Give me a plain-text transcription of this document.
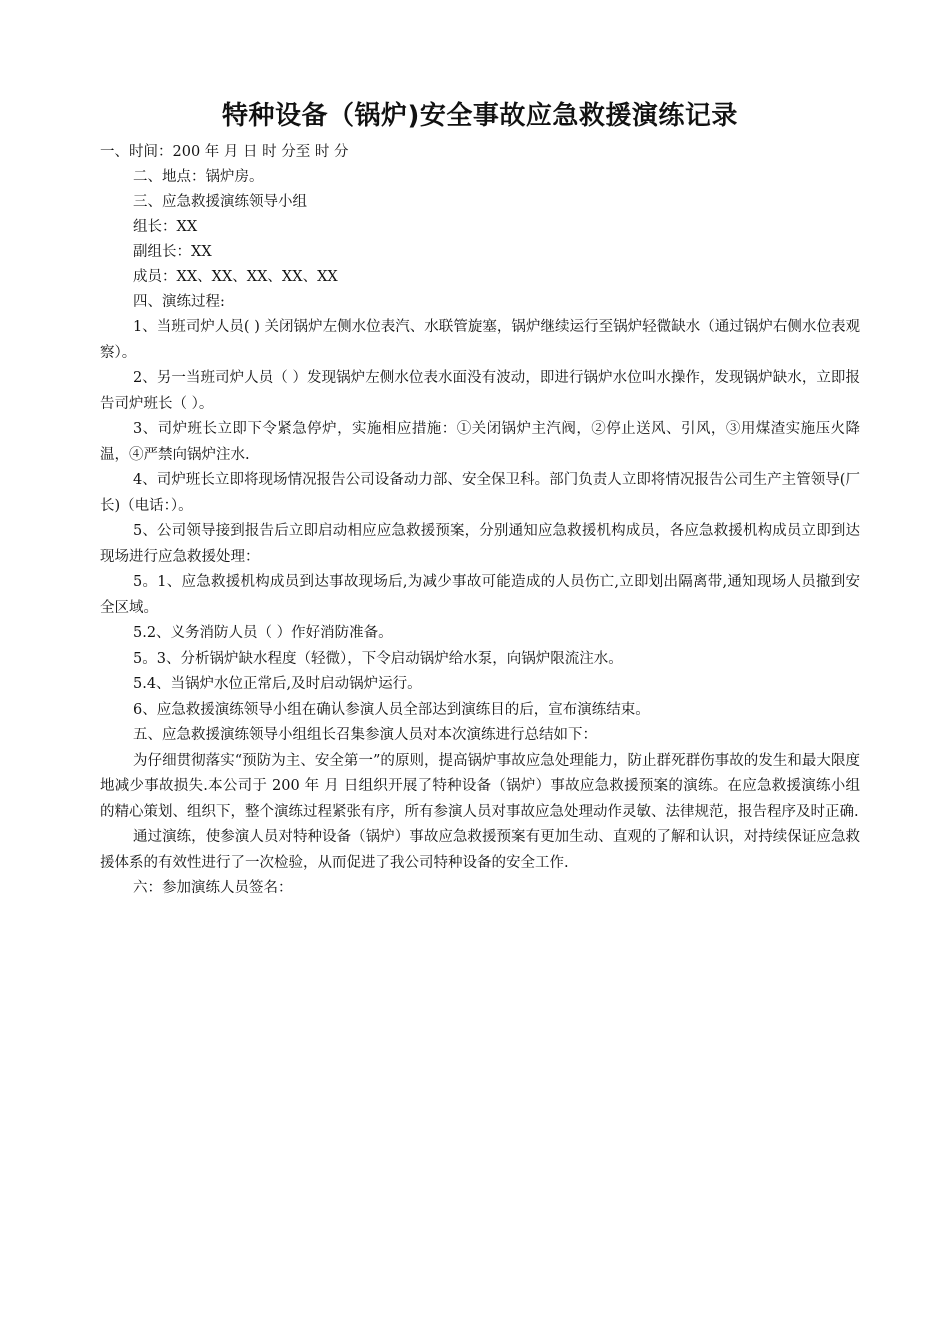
特种设备（锅炉)安全事故应急救援演练记录

一、时间：200 年 月 日 时 分至 时 分

二、地点：锅炉房。

三、应急救援演练领导小组

组长：XX

副组长：XX

成员：XX、XX、XX、XX、XX

四、演练过程:

1、当班司炉人员( ) 关闭锅炉左侧水位表汽、水联管旋塞，锅炉继续运行至锅炉轻微缺水（通过锅炉右侧水位表观察）。

2、另一当班司炉人员（ ）发现锅炉左侧水位表水面没有波动，即进行锅炉水位叫水操作，发现锅炉缺水，立即报告司炉班长（ ）。

3、司炉班长立即下令紧急停炉，实施相应措施：①关闭锅炉主汽阀，②停止送风、引风，③用煤渣实施压火降温，④严禁向锅炉注水.

4、司炉班长立即将现场情况报告公司设备动力部、安全保卫科。部门负责人立即将情况报告公司生产主管领导(厂长)（电话：）。

5、公司领导接到报告后立即启动相应应急救援预案，分别通知应急救援机构成员，各应急救援机构成员立即到达现场进行应急救援处理：

5。1、应急救援机构成员到达事故现场后,为减少事故可能造成的人员伤亡,立即划出隔离带,通知现场人员撤到安全区域。

5.2、义务消防人员（ ）作好消防准备。

5。3、分析锅炉缺水程度（轻微），下令启动锅炉给水泵，向锅炉限流注水。

5.4、当锅炉水位正常后,及时启动锅炉运行。

6、应急救援演练领导小组在确认参演人员全部达到演练目的后，宣布演练结束。

五、应急救援演练领导小组组长召集参演人员对本次演练进行总结如下：

为仔细贯彻落实“预防为主、安全第一”的原则，提高锅炉事故应急处理能力，防止群死群伤事故的发生和最大限度地减少事故损失.本公司于 200 年 月 日组织开展了特种设备（锅炉）事故应急救援预案的演练。在应急救援演练小组的精心策划、组织下，整个演练过程紧张有序，所有参演人员对事故应急处理动作灵敏、法律规范，报告程序及时正确.

通过演练，使参演人员对特种设备（锅炉）事故应急救援预案有更加生动、直观的了解和认识，对持续保证应急救援体系的有效性进行了一次检验，从而促进了我公司特种设备的安全工作.

六：参加演练人员签名：
